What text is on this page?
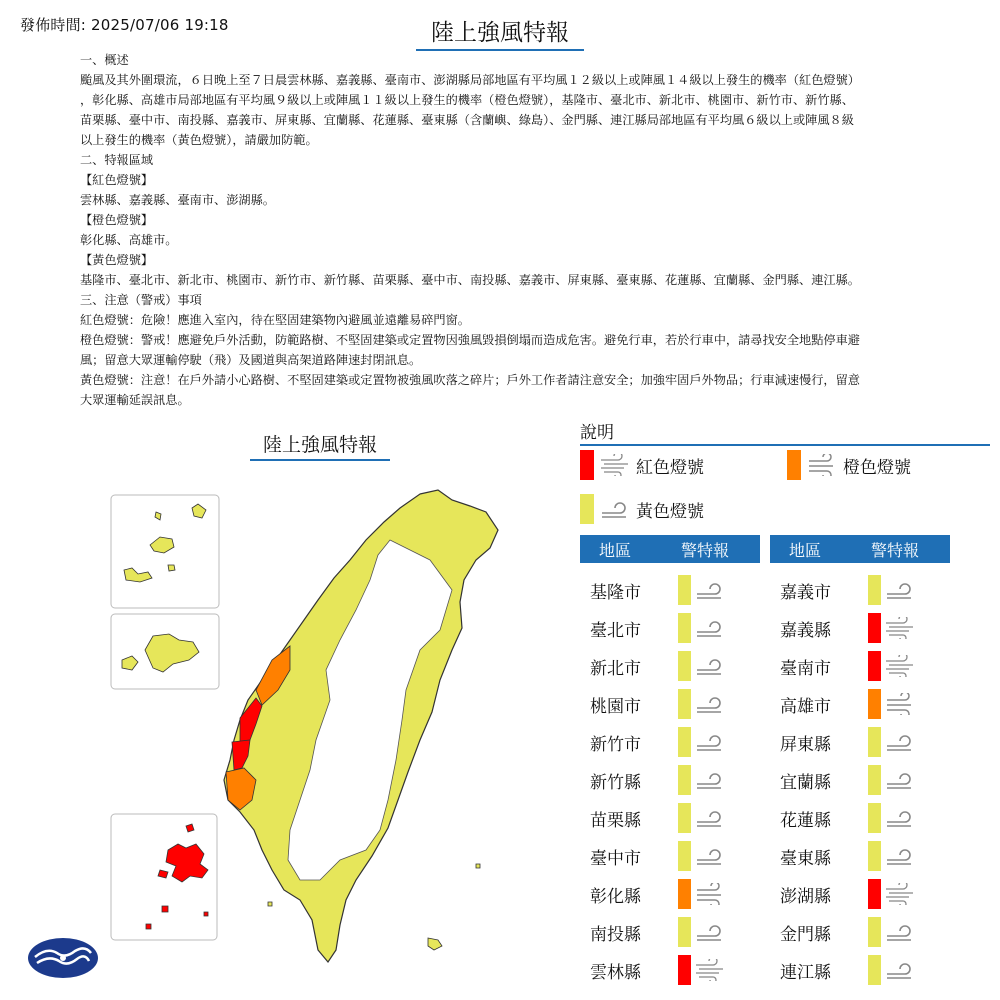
發佈時間: 2025/07/06 19:18	陸上強風特報

一、概述

颱風及其外圍環流，６日晚上至７日晨雲林縣、嘉義縣、臺南市、澎湖縣局部地區有平均風１２級以上或陣風１４級以上發生的機率（紅色燈號）

，彰化縣、高雄市局部地區有平均風９級以上或陣風１１級以上發生的機率（橙色燈號），基隆市、臺北市、新北市、桃園市、新竹市、新竹縣、

苗栗縣、臺中市、南投縣、嘉義市、屏東縣、宜蘭縣、花蓮縣、臺東縣（含蘭嶼、綠島）、金門縣、連江縣局部地區有平均風６級以上或陣風８級

以上發生的機率（黃色燈號），請嚴加防範。

二、特報區域

【紅色燈號】

雲林縣、嘉義縣、臺南市、澎湖縣。

【橙色燈號】

彰化縣、高雄市。

【黃色燈號】

基隆市、臺北市、新北市、桃園市、新竹市、新竹縣、苗栗縣、臺中市、南投縣、嘉義市、屏東縣、臺東縣、花蓮縣、宜蘭縣、金門縣、連江縣。

三、注意（警戒）事項

紅色燈號：危險！應進入室內，待在堅固建築物內避風並遠離易碎門窗。

橙色燈號：警戒！應避免戶外活動，防範路樹、不堅固建築或定置物因強風毀損倒塌而造成危害。避免行車，若於行車中，請尋找安全地點停車避

風；留意大眾運輸停駛（飛）及國道與高架道路陣速封閉訊息。

黃色燈號：注意！在戶外請小心路樹、不堅固建築或定置物被強風吹落之碎片；戶外工作者請注意安全；加強牢固戶外物品；行車減速慢行，留意

大眾運輸延誤訊息。

陸上強風特報
說明
紅色燈號	橙色燈號
黃色燈號
地區	警特報
基隆市
臺北市
新北市
桃園市
新竹市
新竹縣
苗栗縣
臺中市
彰化縣
南投縣
雲林縣
地區	警特報
嘉義市
嘉義縣
臺南市
高雄市
屏東縣
宜蘭縣
花蓮縣
臺東縣
澎湖縣
金門縣
連江縣
